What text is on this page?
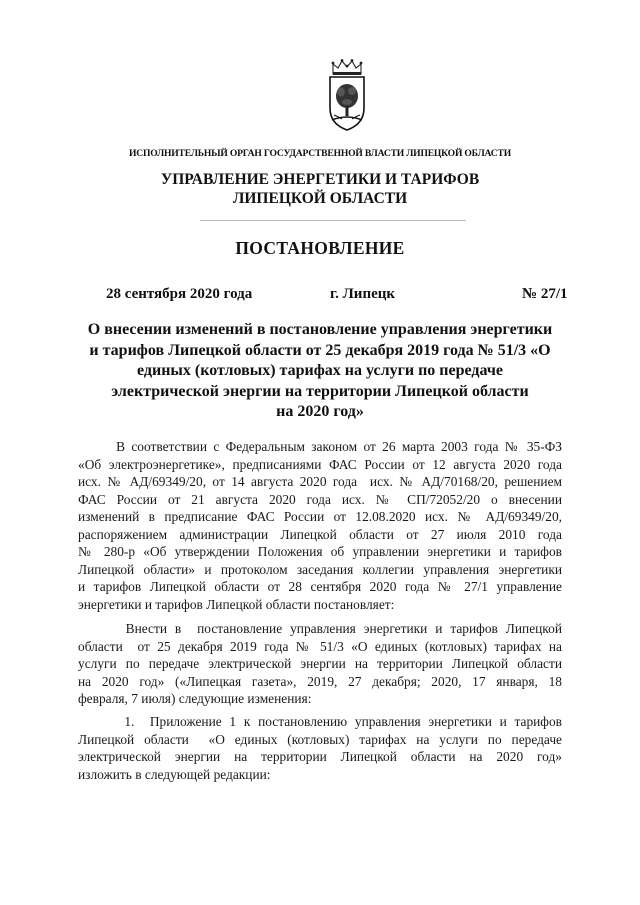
ИСПОЛНИТЕЛЬНЫЙ ОРГАН ГОСУДАРСТВЕННОЙ ВЛАСТИ ЛИПЕЦКОЙ ОБЛАСТИ
УПРАВЛЕНИЕ ЭНЕРГЕТИКИ И ТАРИФОВ
ЛИПЕЦКОЙ ОБЛАСТИ
ПОСТАНОВЛЕНИЕ
28 сентября 2020 года	г. Липецк	№ 27/1
О внесении изменений в постановление управления энергетики
и тарифов Липецкой области от 25 декабря 2019 года № 51/3 «О
единых (котловых) тарифах на услуги по передаче
электрической энергии на территории Липецкой области
на 2020 год»
В соответствии с Федеральным законом от 26 марта 2003 года № 35-ФЗ
«Об электроэнергетике», предписаниями ФАС России от 12 августа 2020 года
исх. № АД/69349/20, от 14 августа 2020 года  исх. № АД/70168/20, решением
ФАС России от 21 августа 2020 года исх. № СП/72052/20 о внесении
изменений в предписание ФАС России от 12.08.2020 исх. № АД/69349/20,
распоряжением администрации Липецкой области от 27 июля 2010 года
№ 280-р «Об утверждении Положения об управлении энергетики и тарифов
Липецкой области» и протоколом заседания коллегии управления энергетики
и тарифов Липецкой области от 28 сентября 2020 года № 27/1 управление
энергетики и тарифов Липецкой области постановляет:
Внести в  постановление управления энергетики и тарифов Липецкой
области  от 25 декабря 2019 года № 51/3 «О единых (котловых) тарифах на
услуги по передаче электрической энергии на территории Липецкой области
на 2020 год» («Липецкая газета», 2019, 27 декабря; 2020, 17 января, 18
февраля, 7 июля) следующие изменения:
1.  Приложение 1 к постановлению управления энергетики и тарифов
Липецкой области  «О единых (котловых) тарифах на услуги по передаче
электрической энергии на территории Липецкой области на 2020 год»
изложить в следующей редакции:
